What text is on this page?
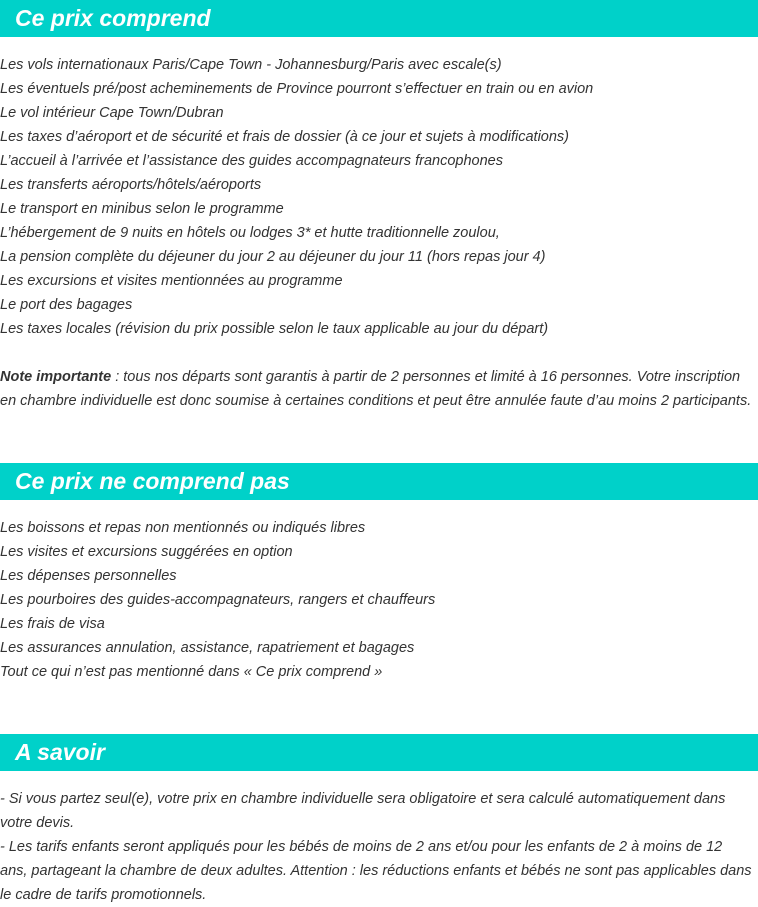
Ce prix comprend
Les vols internationaux Paris/Cape Town - Johannesburg/Paris avec escale(s)
Les éventuels pré/post acheminements de Province pourront s’effectuer en train ou en avion
Le vol intérieur Cape Town/Dubran
Les taxes d’aéroport et de sécurité et frais de dossier (à ce jour et sujets à modifications)
L’accueil à l’arrivée et l’assistance des guides accompagnateurs francophones
Les transferts aéroports/hôtels/aéroports
Le transport en minibus selon le programme
L’hébergement de 9 nuits en hôtels ou lodges 3* et hutte traditionnelle zoulou,
La pension complète du déjeuner du jour 2 au déjeuner du jour 11 (hors repas jour 4)
Les excursions et visites mentionnées au programme
Le port des bagages
Les taxes locales (révision du prix possible selon le taux applicable au jour du départ)

Note importante : tous nos départs sont garantis à partir de 2 personnes et limité à 16 personnes. Votre inscription en chambre individuelle est donc soumise à certaines conditions et peut être annulée faute d’au moins 2 participants.

Ce prix ne comprend pas
Les boissons et repas non mentionnés ou indiqués libres
Les visites et excursions suggérées en option
Les dépenses personnelles
Les pourboires des guides-accompagnateurs, rangers et chauffeurs
Les frais de visa
Les assurances annulation, assistance, rapatriement et bagages
Tout ce qui n’est pas mentionné dans « Ce prix comprend »
A savoir

- Si vous partez seul(e), votre prix en chambre individuelle sera obligatoire et sera calculé automatiquement dans votre devis.

- Les tarifs enfants seront appliqués pour les bébés de moins de 2 ans et/ou pour les enfants de 2 à moins de 12 ans, partageant la chambre de deux adultes. Attention : les réductions enfants et bébés ne sont pas applicables dans le cadre de tarifs promotionnels.
